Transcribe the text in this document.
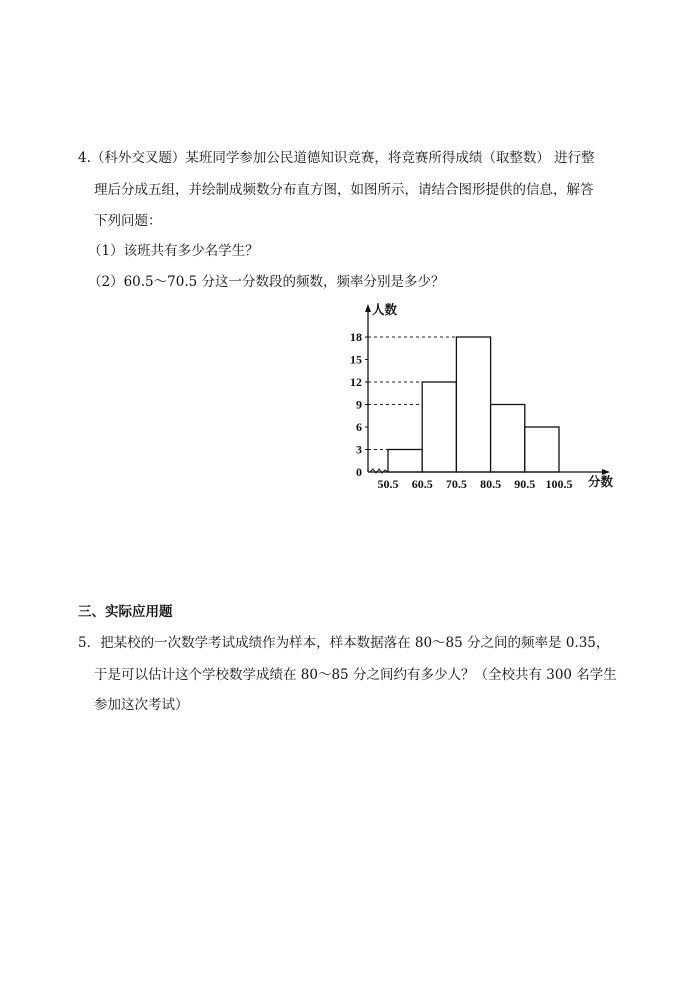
4.（科外交叉题）某班同学参加公民道德知识竞赛，将竞赛所得成绩（取整数） 进行整
理后分成五组，并绘制成频数分布直方图，如图所示，请结合图形提供的信息，解答
下列问题：
（1）该班共有多少名学生？
（2）60.5～70.5 分这一分数段的频数，频率分别是多少？
0
3
6
9
12
15
18
50.5 60.5 70.5 80.5 90.5 100.5
人数
分数
三、实际应用题
5．把某校的一次数学考试成绩作为样本，样本数据落在 80～85 分之间的频率是 0.35，
于是可以估计这个学校数学成绩在 80～85 分之间约有多少人？（全校共有 300 名学生
参加这次考试）
